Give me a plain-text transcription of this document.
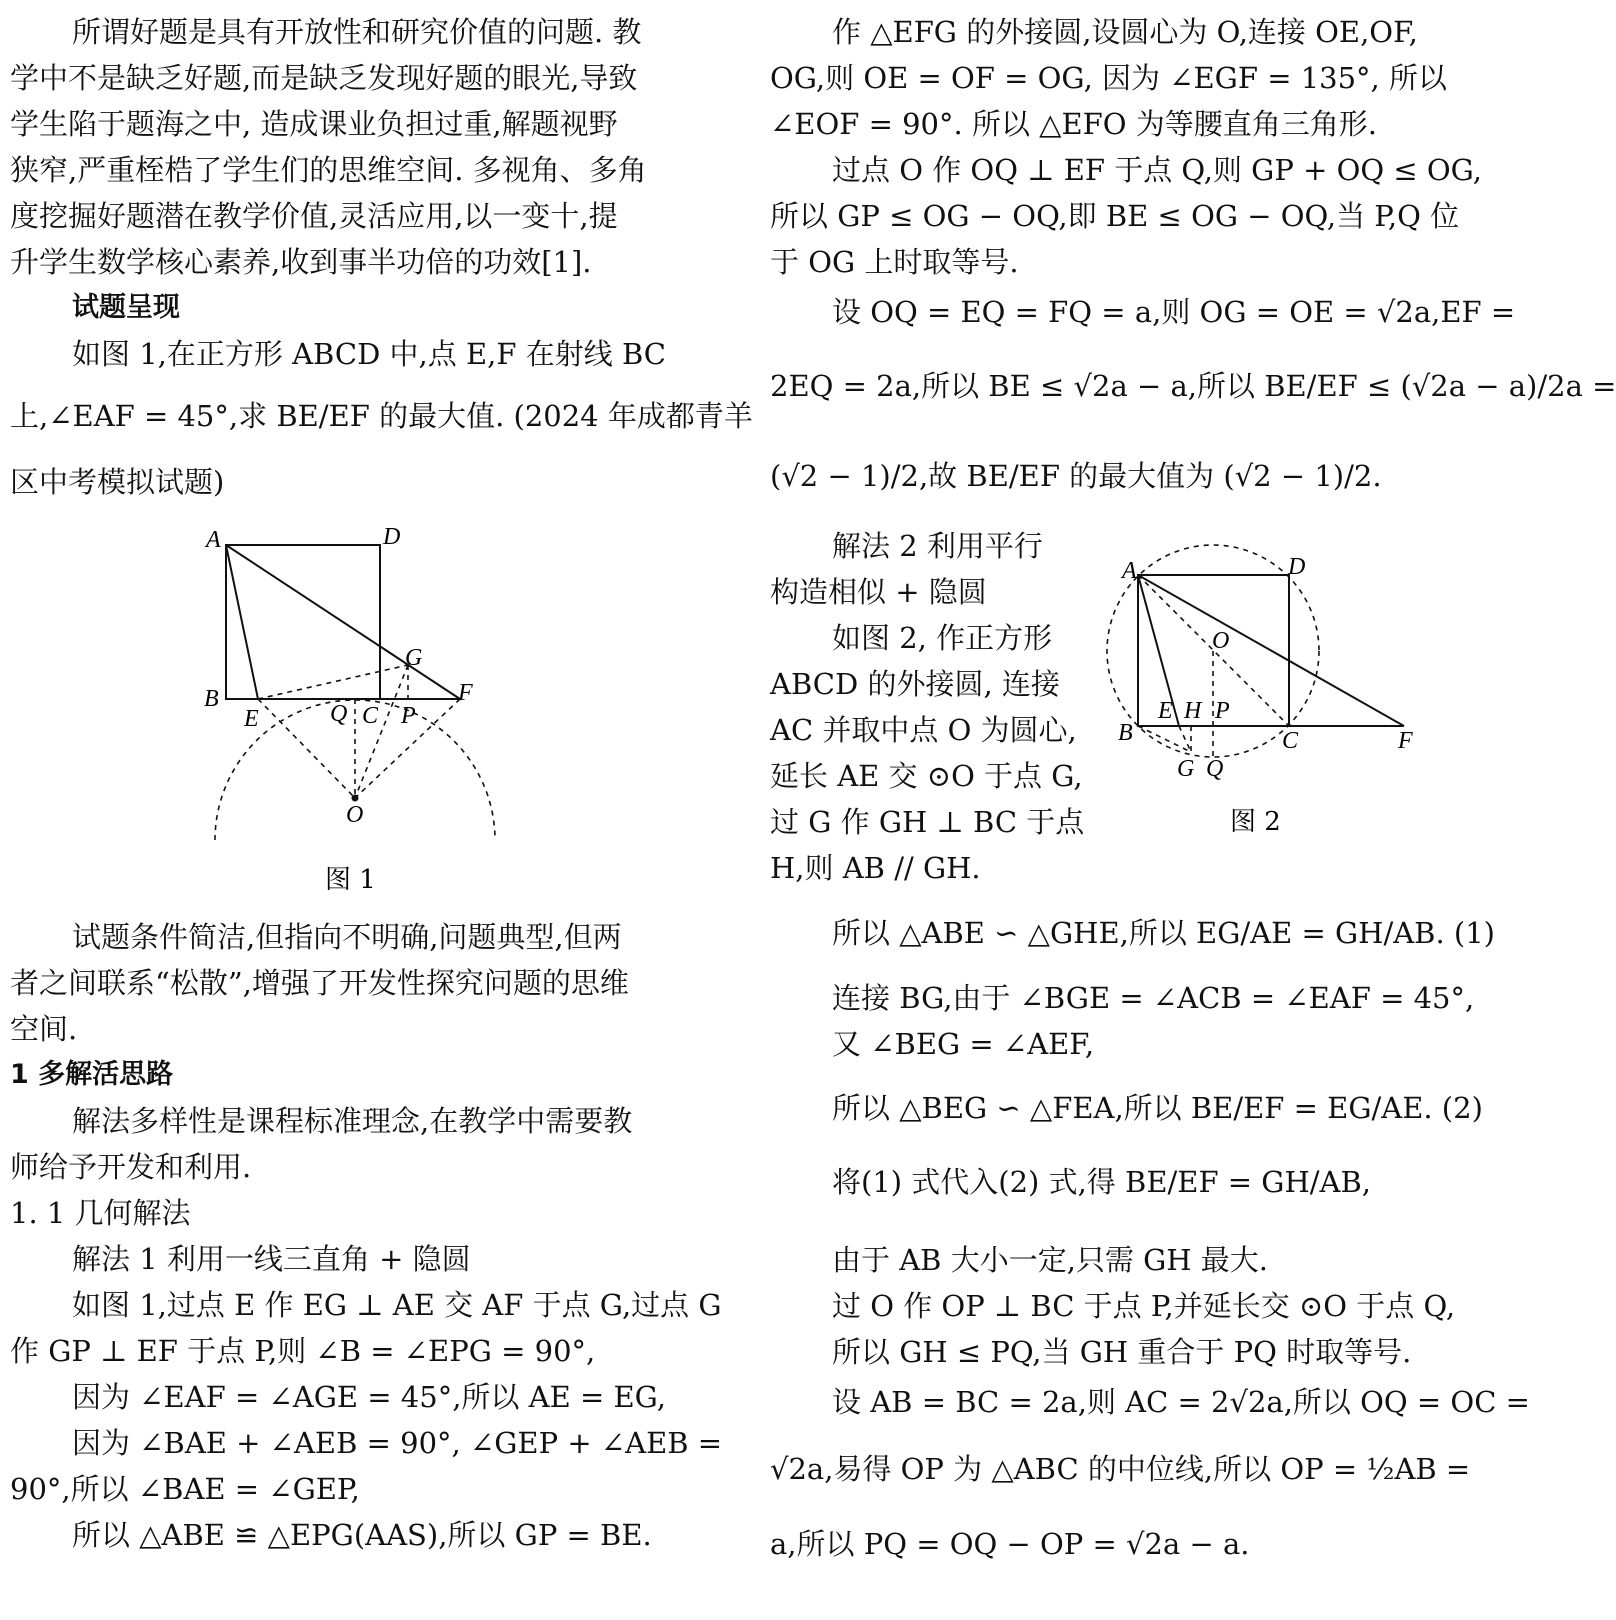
所谓好题是具有开放性和研究价值的问题. 教
学中不是缺乏好题,而是缺乏发现好题的眼光,导致
学生陷于题海之中, 造成课业负担过重,解题视野
狭窄,严重桎梏了学生们的思维空间. 多视角、多角
度挖掘好题潜在教学价值,灵活应用,以一变十,提
升学生数学核心素养,收到事半功倍的功效[1].
试题呈现
如图 1,在正方形 ABCD 中,点 E,F 在射线 BC
上,∠EAF = 45°,求 BE/EF 的最大值. (2024 年成都青羊
区中考模拟试题)
试题条件简洁,但指向不明确,问题典型,但两
者之间联系“松散”,增强了开发性探究问题的思维
空间.
1 多解活思路
解法多样性是课程标准理念,在教学中需要教
师给予开发和利用.
1. 1 几何解法
解法 1 利用一线三直角 + 隐圆
如图 1,过点 E 作 EG ⊥ AE 交 AF 于点 G,过点 G
作 GP ⊥ EF 于点 P,则 ∠B = ∠EPG = 90°,
因为 ∠EAF = ∠AGE = 45°,所以 AE = EG,
因为 ∠BAE + ∠AEB = 90°, ∠GEP + ∠AEB =
90°,所以 ∠BAE = ∠GEP,
所以 △ABE ≌ △EPG(AAS),所以 GP = BE.
作 △EFG 的外接圆,设圆心为 O,连接 OE,OF,
OG,则 OE = OF = OG, 因为 ∠EGF = 135°, 所以
∠EOF = 90°. 所以 △EFO 为等腰直角三角形.
过点 O 作 OQ ⊥ EF 于点 Q,则 GP + OQ ≤ OG,
所以 GP ≤ OG − OQ,即 BE ≤ OG − OQ,当 P,Q 位
于 OG 上时取等号.
设 OQ = EQ = FQ = a,则 OG = OE = √2a,EF =
2EQ = 2a,所以 BE ≤ √2a − a,所以 BE/EF ≤ (√2a − a)/2a =
(√2 − 1)/2,故 BE/EF 的最大值为 (√2 − 1)/2.
解法 2 利用平行
构造相似 + 隐圆
如图 2, 作正方形
ABCD 的外接圆, 连接
AC 并取中点 O 为圆心,
延长 AE 交 ⊙O 于点 G,
过 G 作 GH ⊥ BC 于点
H,则 AB // GH.
所以 △ABE ∽ △GHE,所以 EG/AE = GH/AB. (1)
连接 BG,由于 ∠BGE = ∠ACB = ∠EAF = 45°,
又 ∠BEG = ∠AEF,
所以 △BEG ∽ △FEA,所以 BE/EF = EG/AE. (2)
将(1) 式代入(2) 式,得 BE/EF = GH/AB,
由于 AB 大小一定,只需 GH 最大.
过 O 作 OP ⊥ BC 于点 P,并延长交 ⊙O 于点 Q,
所以 GH ≤ PQ,当 GH 重合于 PQ 时取等号.
设 AB = BC = 2a,则 AC = 2√2a,所以 OQ = OC =
√2a,易得 OP 为 △ABC 的中位线,所以 OP = ½AB =
a,所以 PQ = OQ − OP = √2a − a.
A	D
B
E	Q C P
F
G
O
图 1
A	D
O
B
E H P
C	F
G Q
图 2
